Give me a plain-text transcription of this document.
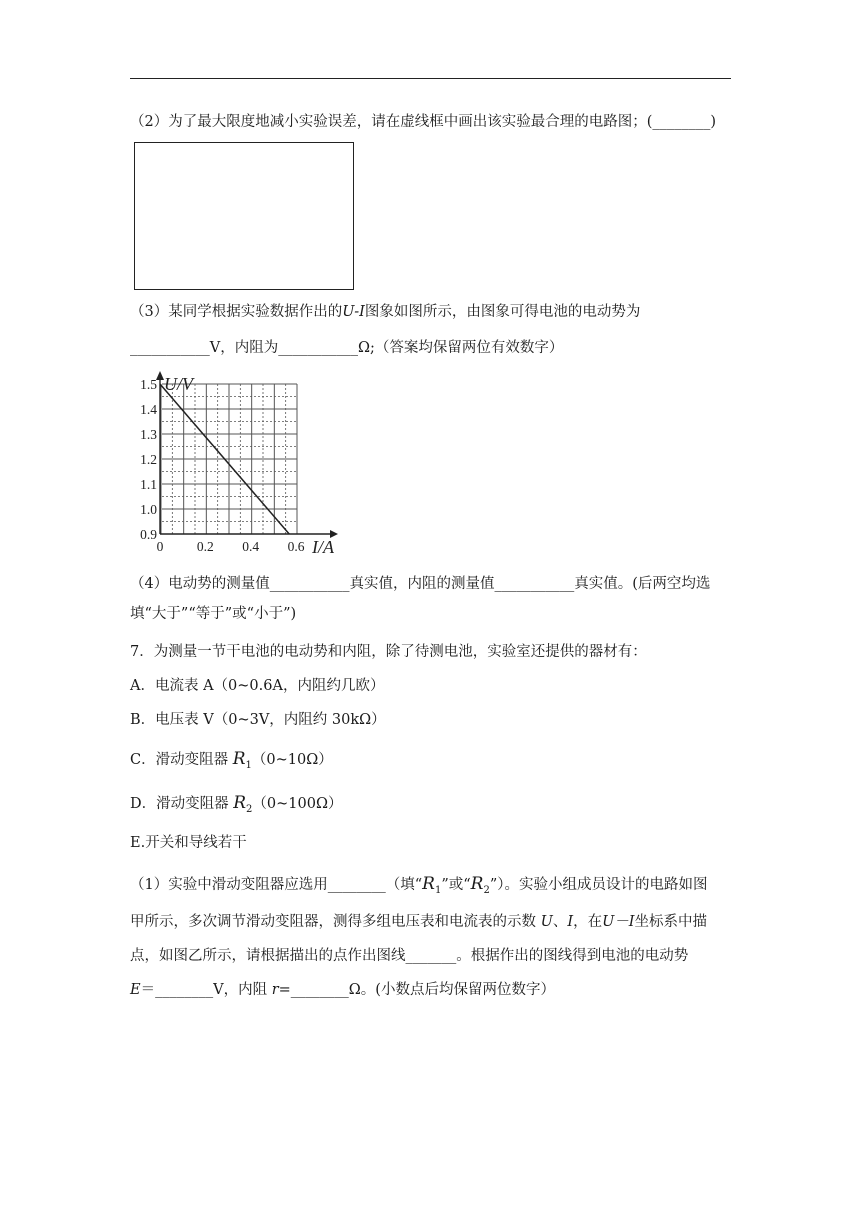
（2）为了最大限度地减小实验误差，请在虚线框中画出该实验最合理的电路图；(________)
（3）某同学根据实验数据作出的U-I图象如图所示，由图象可得电池的电动势为
___________V，内阻为___________Ω;（答案均保留两位有效数字）
U/V
I/A
1.5
1.4
1.3
1.2
1.1
1.0
0.9
0 0.2 0.4 0.6
（4）电动势的测量值___________真实值，内阻的测量值___________真实值。(后两空均选
填“大于”“等于”或“小于”)
7．为测量一节干电池的电动势和内阻，除了待测电池，实验室还提供的器材有：
A．电流表 A（0~0.6A，内阻约几欧）
B．电压表 V（0~3V，内阻约 30kΩ）
C．滑动变阻器 $R_1(0\sim 10\Omega)$
D．滑动变阻器 $R_2(0\sim 100\Omega)$
E.开关和导线若干
（1）实验中滑动变阻器应选用________（填“$R_1$”或“$R_2$”）。实验小组成员设计的电路如图
甲所示，多次调节滑动变阻器，测得多组电压表和电流表的示数 U、I，在U－I坐标系中描
点，如图乙所示，请根据描出的点作出图线_______。根据作出的图线得到电池的电动势
E＝________V，内阻 r=________Ω。(小数点后均保留两位数字）
